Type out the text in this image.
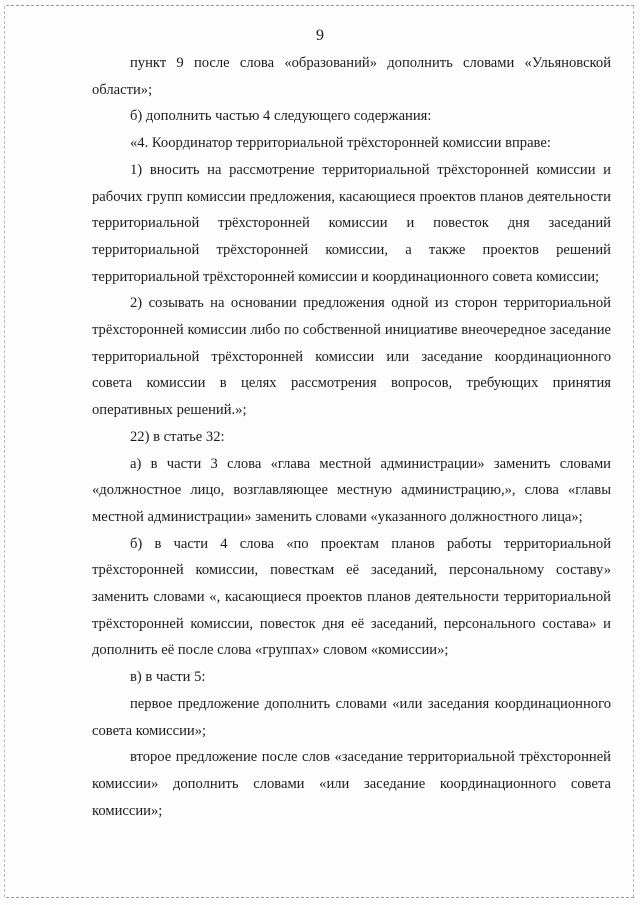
9

пункт 9 после слова «образований» дополнить словами «Ульяновской области»;

б) дополнить частью 4 следующего содержания:

«4. Координатор территориальной трёхсторонней комиссии вправе:

1) вносить на рассмотрение территориальной трёхсторонней комиссии и рабочих групп комиссии предложения, касающиеся проектов планов деятельности территориальной трёхсторонней комиссии и повесток дня заседаний территориальной трёхсторонней комиссии, а также проектов решений территориальной трёхсторонней комиссии и координационного совета комиссии;

2) созывать на основании предложения одной из сторон территориальной трёхсторонней комиссии либо по собственной инициативе внеочередное заседание территориальной трёхсторонней комиссии или заседание координационного совета комиссии в целях рассмотрения вопросов, требующих принятия оперативных решений.»;

22) в статье 32:

а) в части 3 слова «глава местной администрации» заменить словами «должностное лицо, возглавляющее местную администрацию,», слова «главы местной администрации» заменить словами «указанного должностного лица»;

б) в части 4 слова «по проектам планов работы территориальной трёхсторонней комиссии, повесткам её заседаний, персональному составу» заменить словами «, касающиеся проектов планов деятельности территориальной трёхсторонней комиссии, повесток дня её заседаний, персонального состава» и дополнить её после слова «группах» словом «комиссии»;

в) в части 5:

первое предложение дополнить словами «или заседания координационного совета комиссии»;

второе предложение после слов «заседание территориальной трёхсторонней комиссии» дополнить словами «или заседание координационного совета комиссии»;
